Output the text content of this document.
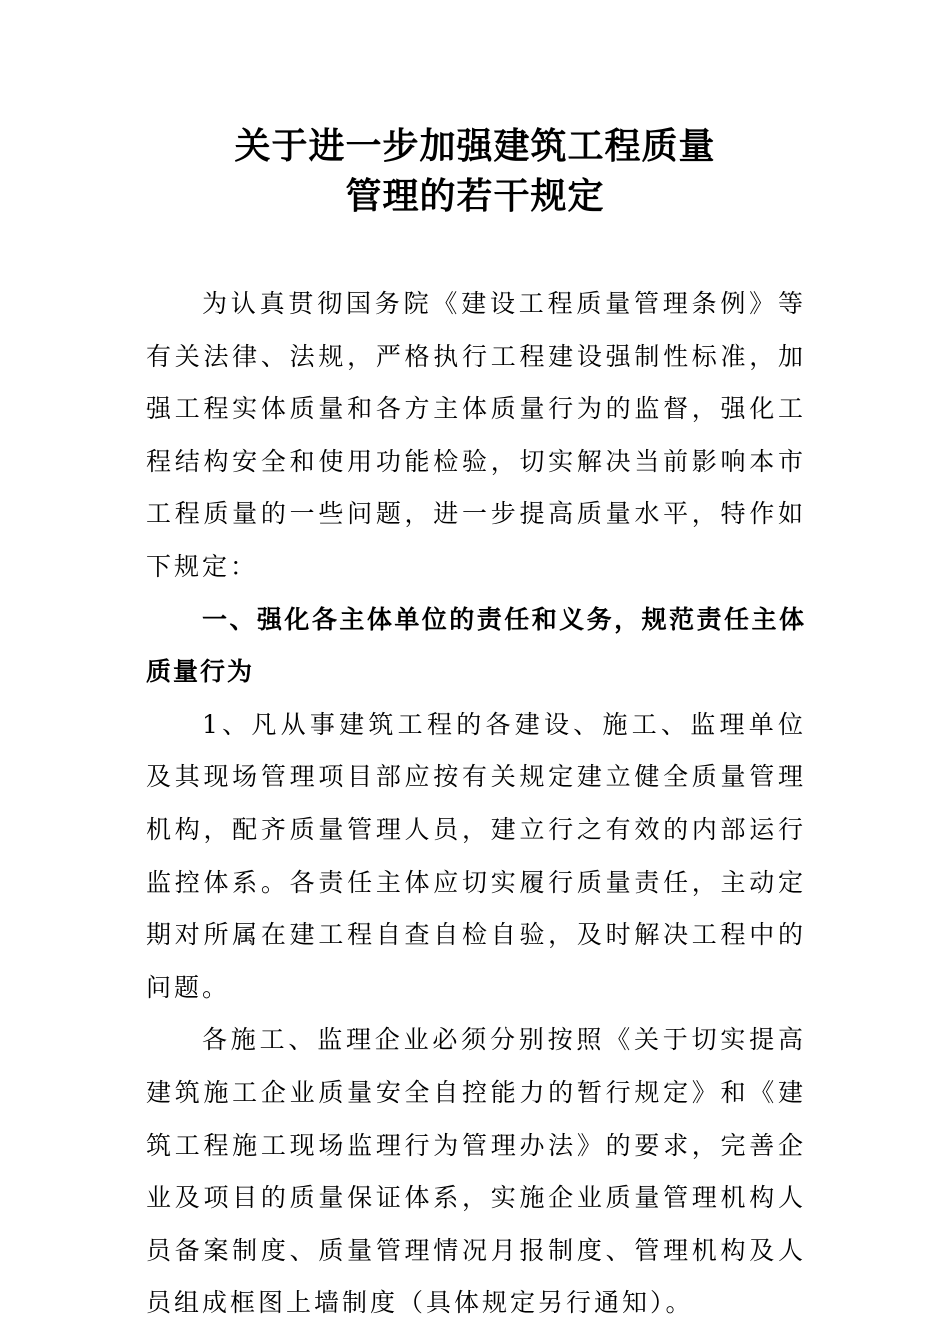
关于进一步加强建筑工程质量
管理的若干规定

为认真贯彻国务院《建设工程质量管理条例》等有关法律、法规，严格执行工程建设强制性标准，加强工程实体质量和各方主体质量行为的监督，强化工程结构安全和使用功能检验，切实解决当前影响本市工程质量的一些问题，进一步提高质量水平，特作如下规定：

一、强化各主体单位的责任和义务，规范责任主体质量行为

1、凡从事建筑工程的各建设、施工、监理单位及其现场管理项目部应按有关规定建立健全质量管理机构，配齐质量管理人员，建立行之有效的内部运行监控体系。各责任主体应切实履行质量责任，主动定期对所属在建工程自查自检自验，及时解决工程中的问题。

各施工、监理企业必须分别按照《关于切实提高建筑施工企业质量安全自控能力的暂行规定》和《建筑工程施工现场监理行为管理办法》的要求，完善企业及项目的质量保证体系，实施企业质量管理机构人员备案制度、质量管理情况月报制度、管理机构及人员组成框图上墙制度（具体规定另行通知）。
